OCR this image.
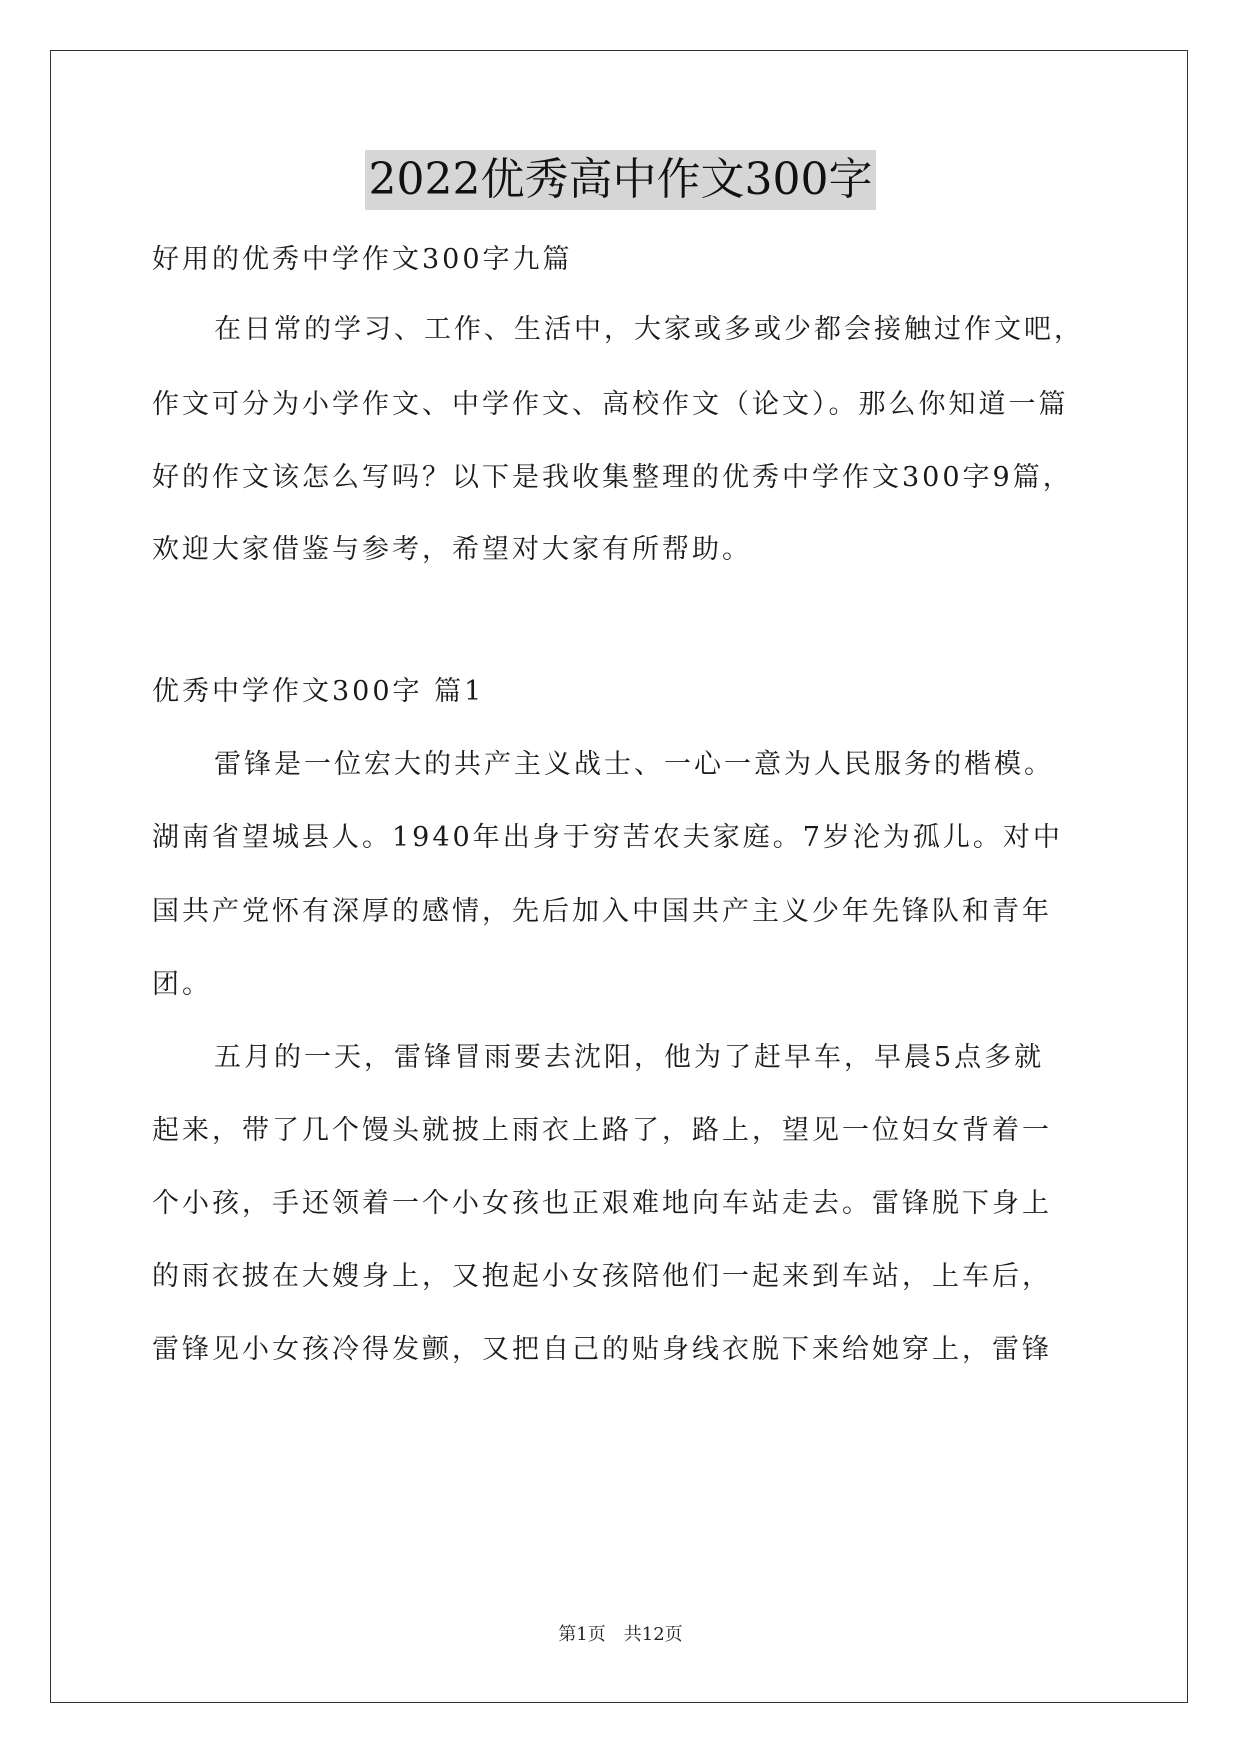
2022优秀高中作文300字
好用的优秀中学作文300字九篇
在日常的学习、工作、生活中，大家或多或少都会接触过作文吧，
作文可分为小学作文、中学作文、高校作文（论文）。那么你知道一篇
好的作文该怎么写吗？以下是我收集整理的优秀中学作文300字9篇，
欢迎大家借鉴与参考，希望对大家有所帮助。
优秀中学作文300字 篇1
雷锋是一位宏大的共产主义战士、一心一意为人民服务的楷模。
湖南省望城县人。1940年出身于穷苦农夫家庭。7岁沦为孤儿。对中
国共产党怀有深厚的感情，先后加入中国共产主义少年先锋队和青年
团。
五月的一天，雷锋冒雨要去沈阳，他为了赶早车，早晨5点多就
起来，带了几个馒头就披上雨衣上路了，路上，望见一位妇女背着一
个小孩，手还领着一个小女孩也正艰难地向车站走去。雷锋脱下身上
的雨衣披在大嫂身上，又抱起小女孩陪他们一起来到车站，上车后，
雷锋见小女孩冷得发颤，又把自己的贴身线衣脱下来给她穿上，雷锋
第1页 共12页
